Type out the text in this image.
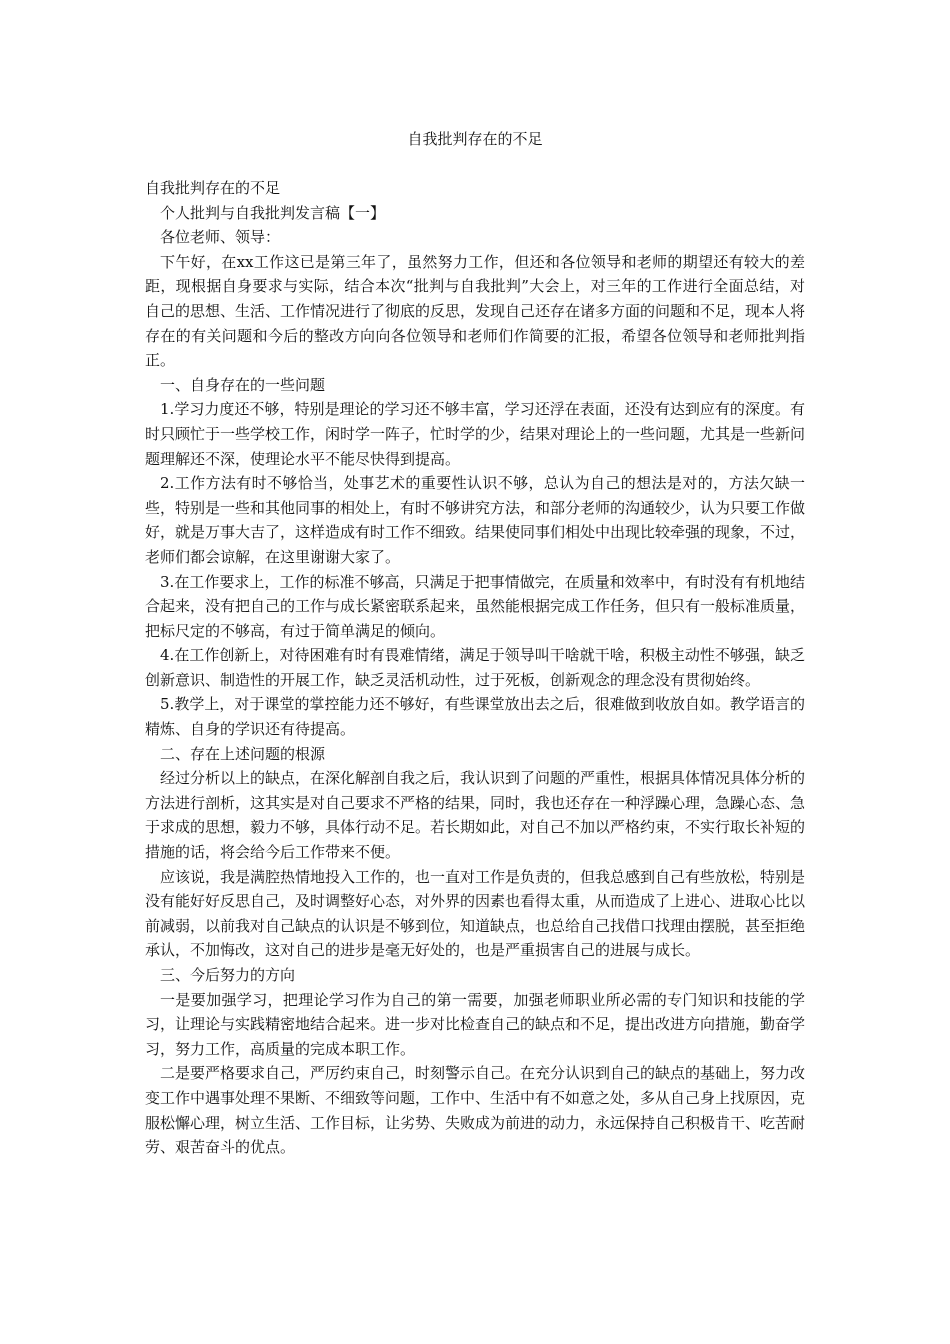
自我批判存在的不足

自我批判存在的不足

个人批判与自我批判发言稿【一】

各位老师、领导：

下午好，在xx工作这已是第三年了，虽然努力工作，但还和各位领导和老师的期望还有较大的差距，现根据自身要求与实际，结合本次“批判与自我批判”大会上，对三年的工作进行全面总结，对自己的思想、生活、工作情况进行了彻底的反思，发现自己还存在诸多方面的问题和不足，现本人将存在的有关问题和今后的整改方向向各位领导和老师们作简要的汇报，希望各位领导和老师批判指正。

一、自身存在的一些问题

1.学习力度还不够，特别是理论的学习还不够丰富，学习还浮在表面，还没有达到应有的深度。有时只顾忙于一些学校工作，闲时学一阵子，忙时学的少，结果对理论上的一些问题，尤其是一些新问题理解还不深，使理论水平不能尽快得到提高。

2.工作方法有时不够恰当，处事艺术的重要性认识不够，总认为自己的想法是对的，方法欠缺一些，特别是一些和其他同事的相处上，有时不够讲究方法，和部分老师的沟通较少，认为只要工作做好，就是万事大吉了，这样造成有时工作不细致。结果使同事们相处中出现比较牵强的现象，不过，老师们都会谅解，在这里谢谢大家了。

3.在工作要求上，工作的标准不够高，只满足于把事情做完，在质量和效率中，有时没有有机地结合起来，没有把自己的工作与成长紧密联系起来，虽然能根据完成工作任务，但只有一般标准质量，把标尺定的不够高，有过于简单满足的倾向。

4.在工作创新上，对待困难有时有畏难情绪，满足于领导叫干啥就干啥，积极主动性不够强，缺乏创新意识、制造性的开展工作，缺乏灵活机动性，过于死板，创新观念的理念没有贯彻始终。

5.教学上，对于课堂的掌控能力还不够好，有些课堂放出去之后，很难做到收放自如。教学语言的精炼、自身的学识还有待提高。

二、存在上述问题的根源

经过分析以上的缺点，在深化解剖自我之后，我认识到了问题的严重性，根据具体情况具体分析的方法进行剖析，这其实是对自己要求不严格的结果，同时，我也还存在一种浮躁心理，急躁心态、急于求成的思想，毅力不够，具体行动不足。若长期如此，对自己不加以严格约束，不实行取长补短的措施的话，将会给今后工作带来不便。

应该说，我是满腔热情地投入工作的，也一直对工作是负责的，但我总感到自己有些放松，特别是没有能好好反思自己，及时调整好心态，对外界的因素也看得太重，从而造成了上进心、进取心比以前减弱，以前我对自己缺点的认识是不够到位，知道缺点，也总给自己找借口找理由摆脱，甚至拒绝承认，不加悔改，这对自己的进步是毫无好处的，也是严重损害自己的进展与成长。

三、今后努力的方向

一是要加强学习，把理论学习作为自己的第一需要，加强老师职业所必需的专门知识和技能的学习，让理论与实践精密地结合起来。进一步对比检查自己的缺点和不足，提出改进方向措施，勤奋学习，努力工作，高质量的完成本职工作。

二是要严格要求自己，严厉约束自己，时刻警示自己。在充分认识到自己的缺点的基础上，努力改变工作中遇事处理不果断、不细致等问题，工作中、生活中有不如意之处，多从自己身上找原因，克服松懈心理，树立生活、工作目标，让劣势、失败成为前进的动力，永远保持自己积极肯干、吃苦耐劳、艰苦奋斗的优点。
